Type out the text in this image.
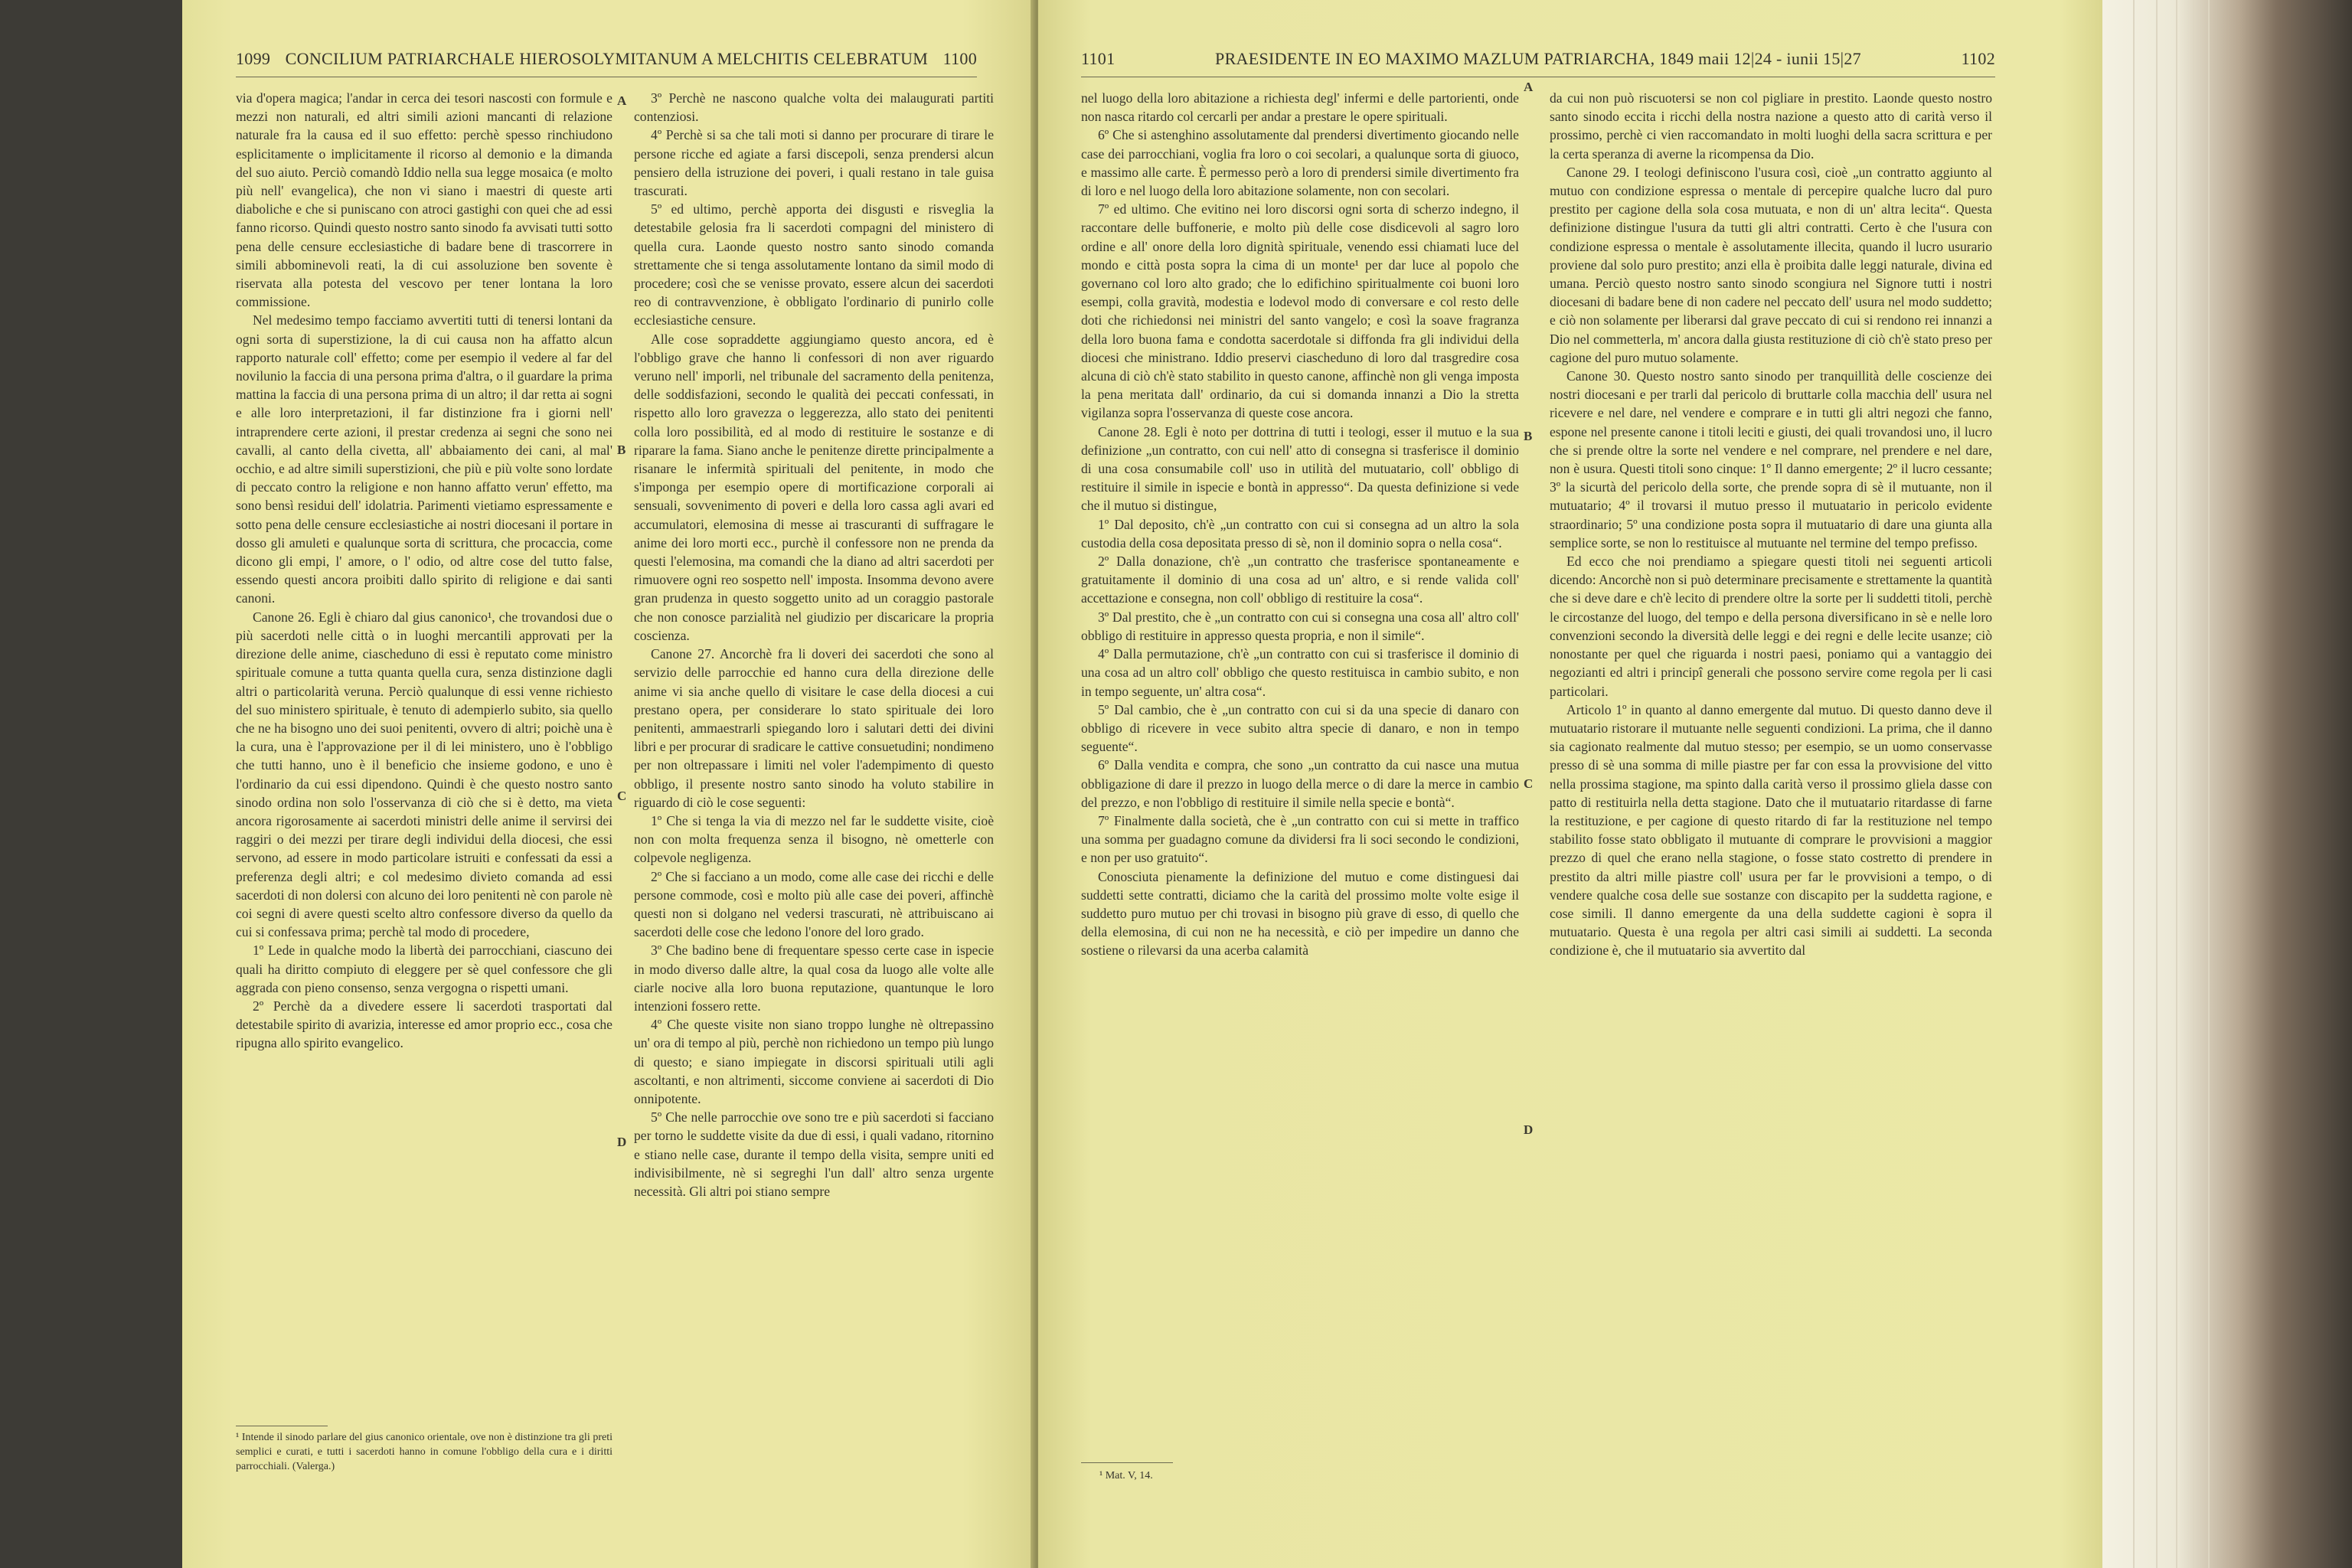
1099 CONCILIUM PATRIARCHALE HIEROSOLYMITANUM A MELCHITIS CELEBRATUM 1100

via d'opera magica; l'andar in cerca dei tesori nascosti con formule e mezzi non naturali, ed altri simili azioni mancanti di relazione naturale fra la causa ed il suo effetto: perchè spesso rinchiudono esplicitamente o implicitamente il ricorso al demonio e la dimanda del suo aiuto. Perciò comandò Iddio nella sua legge mosaica (e molto più nell' evangelica), che non vi siano i maestri di queste arti diaboliche e che si puniscano con atroci gastighi con quei che ad essi fanno ricorso. Quindi questo nostro santo sinodo fa avvisati tutti sotto pena delle censure ecclesiastiche di badare bene di trascorrere in simili abbominevoli reati, la di cui assoluzione ben sovente è riservata alla potesta del vescovo per tener lontana la loro commissione.

Nel medesimo tempo facciamo avvertiti tutti di tenersi lontani da ogni sorta di superstizione, la di cui causa non ha affatto alcun rapporto naturale coll' effetto; come per esempio il vedere al far del novilunio la faccia di una persona prima d'altra, o il guardare la prima mattina la faccia di una persona prima di un altro; il dar retta ai sogni e alle loro interpretazioni, il far distinzione fra i giorni nell' intraprendere certe azioni, il prestar credenza ai segni che sono nei cavalli, al canto della civetta, all' abbaiamento dei cani, al mal' occhio, e ad altre simili superstizioni, che più e più volte sono lordate di peccato contro la religione e non hanno affatto verun' effetto, ma sono bensì residui dell' idolatria. Parimenti vietiamo espressamente e sotto pena delle censure ecclesiastiche ai nostri diocesani il portare in dosso gli amuleti e qualunque sorta di scrittura, che procaccia, come dicono gli empi, l' amore, o l' odio, od altre cose del tutto false, essendo questi ancora proibiti dallo spirito di religione e dai santi canoni.

Canone 26. Egli è chiaro dal gius canonico¹, che trovandosi due o più sacerdoti nelle città o in luoghi mercantili approvati per la direzione delle anime, ciascheduno di essi è reputato come ministro spirituale comune a tutta quanta quella cura, senza distinzione dagli altri o particolarità veruna. Perciò qualunque di essi venne richiesto del suo ministero spirituale, è tenuto di adempierlo subito, sia quello che ne ha bisogno uno dei suoi penitenti, ovvero di altri; poichè una è la cura, una è l'approvazione per il di lei ministero, uno è l'obbligo che tutti hanno, uno è il beneficio che insieme godono, e uno è l'ordinario da cui essi dipendono. Quindi è che questo nostro santo sinodo ordina non solo l'osservanza di ciò che si è detto, ma vieta ancora rigorosamente ai sacerdoti ministri delle anime il servirsi dei raggiri o dei mezzi per tirare degli individui della diocesi, che essi servono, ad essere in modo particolare istruiti e confessati da essi a preferenza degli altri; e col medesimo divieto comanda ad essi sacerdoti di non dolersi con alcuno dei loro penitenti nè con parole nè coi segni di avere questi scelto altro confessore diverso da quello da cui si confessava prima; perchè tal modo di procedere,

1º Lede in qualche modo la libertà dei parrocchiani, ciascuno dei quali ha diritto compiuto di eleggere per sè quel confessore che gli aggrada con pieno consenso, senza vergogna o rispetti umani.

2º Perchè da a divedere essere li sacerdoti trasportati dal detestabile spirito di avarizia, interesse ed amor proprio ecc., cosa che ripugna allo spirito evangelico.

¹ Intende il sinodo parlare del gius canonico orientale, ove non è distinzione tra gli preti semplici e curati, e tutti i sacerdoti hanno in comune l'obbligo della cura e i diritti parrocchiali. (Valerga.)

3º Perchè ne nascono qualche volta dei malaugurati partiti contenziosi.

4º Perchè si sa che tali moti si danno per procurare di tirare le persone ricche ed agiate a farsi discepoli, senza prendersi alcun pensiero della istruzione dei poveri, i quali restano in tale guisa trascurati.

5º ed ultimo, perchè apporta dei disgusti e risveglia la detestabile gelosia fra li sacerdoti compagni del ministero di quella cura. Laonde questo nostro santo sinodo comanda strettamente che si tenga assolutamente lontano da simil modo di procedere; così che se venisse provato, essere alcun dei sacerdoti reo di contravvenzione, è obbligato l'ordinario di punirlo colle ecclesiastiche censure.

Alle cose sopraddette aggiungiamo questo ancora, ed è l'obbligo grave che hanno li confessori di non aver riguardo veruno nell' imporli, nel tribunale del sacramento della penitenza, delle soddisfazioni, secondo le qualità dei peccati confessati, in rispetto allo loro gravezza o leggerezza, allo stato dei penitenti colla loro possibilità, ed al modo di restituire le sostanze e di riparare la fama. Siano anche le penitenze dirette principalmente a risanare le infermità spirituali del penitente, in modo che s'imponga per esempio opere di mortificazione corporali ai sensuali, sovvenimento di poveri e della loro cassa agli avari ed accumulatori, elemosina di messe ai trascuranti di suffragare le anime dei loro morti ecc., purchè il confessore non ne prenda da questi l'elemosina, ma comandi che la diano ad altri sacerdoti per rimuovere ogni reo sospetto nell' imposta. Insomma devono avere gran prudenza in questo soggetto unito ad un coraggio pastorale che non conosce parzialità nel giudizio per discaricare la propria coscienza.

Canone 27. Ancorchè fra li doveri dei sacerdoti che sono al servizio delle parrocchie ed hanno cura della direzione delle anime vi sia anche quello di visitare le case della diocesi a cui prestano opera, per considerare lo stato spirituale dei loro penitenti, ammaestrarli spiegando loro i salutari detti dei divini libri e per procurar di sradicare le cattive consuetudini; nondimeno per non oltrepassare i limiti nel voler l'adempimento di questo obbligo, il presente nostro santo sinodo ha voluto stabilire in riguardo di ciò le cose seguenti:

1º Che si tenga la via di mezzo nel far le suddette visite, cioè non con molta frequenza senza il bisogno, nè ometterle con colpevole negligenza.

2º Che si facciano a un modo, come alle case dei ricchi e delle persone commode, così e molto più alle case dei poveri, affinchè questi non si dolgano nel vedersi trascurati, nè attribuiscano ai sacerdoti delle cose che ledono l'onore del loro grado.

3º Che badino bene di frequentare spesso certe case in ispecie in modo diverso dalle altre, la qual cosa da luogo alle volte alle ciarle nocive alla loro buona reputazione, quantunque le loro intenzioni fossero rette.

4º Che queste visite non siano troppo lunghe nè oltrepassino un' ora di tempo al più, perchè non richiedono un tempo più lungo di questo; e siano impiegate in discorsi spirituali utili agli ascoltanti, e non altrimenti, siccome conviene ai sacerdoti di Dio onnipotente.

5º Che nelle parrocchie ove sono tre e più sacerdoti si facciano per torno le suddette visite da due di essi, i quali vadano, ritornino e stiano nelle case, durante il tempo della visita, sempre uniti ed indivisibilmente, nè si segreghi l'un dall' altro senza urgente necessità. Gli altri poi stiano sempre

A
B
C
D
1101	PRAESIDENTE IN EO MAXIMO MAZLUM PATRIARCHA, 1849 maii 12|24 - iunii 15|27	1102

nel luogo della loro abitazione a richiesta degl' infermi e delle partorienti, onde non nasca ritardo col cercarli per andar a prestare le opere spirituali.

6º Che si astenghino assolutamente dal prendersi divertimento giocando nelle case dei parrocchiani, voglia fra loro o coi secolari, a qualunque sorta di giuoco, e massimo alle carte. È permesso però a loro di prendersi simile divertimento fra di loro e nel luogo della loro abitazione solamente, non con secolari.

7º ed ultimo. Che evitino nei loro discorsi ogni sorta di scherzo indegno, il raccontare delle buffonerie, e molto più delle cose disdicevoli al sagro loro ordine e all' onore della loro dignità spirituale, venendo essi chiamati luce del mondo e città posta sopra la cima di un monte¹ per dar luce al popolo che governano col loro alto grado; che lo edifichino spiritualmente coi buoni loro esempi, colla gravità, modestia e lodevol modo di conversare e col resto delle doti che richiedonsi nei ministri del santo vangelo; e così la soave fragranza della loro buona fama e condotta sacerdotale si diffonda fra gli individui della diocesi che ministrano. Iddio preservi ciascheduno di loro dal trasgredire cosa alcuna di ciò ch'è stato stabilito in questo canone, affinchè non gli venga imposta la pena meritata dall' ordinario, da cui si domanda innanzi a Dio la stretta vigilanza sopra l'osservanza di queste cose ancora.

Canone 28. Egli è noto per dottrina di tutti i teologi, esser il mutuo e la sua definizione „un contratto, con cui nell' atto di consegna si trasferisce il dominio di una cosa consumabile coll' uso in utilità del mutuatario, coll' obbligo di restituire il simile in ispecie e bontà in appresso“. Da questa definizione si vede che il mutuo si distingue,

1º Dal deposito, ch'è „un contratto con cui si consegna ad un altro la sola custodia della cosa depositata presso di sè, non il dominio sopra o nella cosa“.

2º Dalla donazione, ch'è „un contratto che trasferisce spontaneamente e gratuitamente il dominio di una cosa ad un' altro, e si rende valida coll' accettazione e consegna, non coll' obbligo di restituire la cosa“.

3º Dal prestito, che è „un contratto con cui si consegna una cosa all' altro coll' obbligo di restituire in appresso questa propria, e non il simile“.

4º Dalla permutazione, ch'è „un contratto con cui si trasferisce il dominio di una cosa ad un altro coll' obbligo che questo restituisca in cambio subito, e non in tempo seguente, un' altra cosa“.

5º Dal cambio, che è „un contratto con cui si da una specie di danaro con obbligo di ricevere in vece subito altra specie di danaro, e non in tempo seguente“.

6º Dalla vendita e compra, che sono „un contratto da cui nasce una mutua obbligazione di dare il prezzo in luogo della merce o di dare la merce in cambio del prezzo, e non l'obbligo di restituire il simile nella specie e bontà“.

7º Finalmente dalla società, che è „un contratto con cui si mette in traffico una somma per guadagno comune da dividersi fra li soci secondo le condizioni, e non per uso gratuito“.

Conosciuta pienamente la definizione del mutuo e come distinguesi dai suddetti sette contratti, diciamo che la carità del prossimo molte volte esige il suddetto puro mutuo per chi trovasi in bisogno più grave di esso, di quello che della elemosina, di cui non ne ha necessità, e ciò per impedire un danno che sostiene o rilevarsi da una acerba calamità

¹ Mat. V, 14.

da cui non può riscuotersi se non col pigliare in prestito. Laonde questo nostro santo sinodo eccita i ricchi della nostra nazione a questo atto di carità verso il prossimo, perchè ci vien raccomandato in molti luoghi della sacra scrittura e per la certa speranza di averne la ricompensa da Dio.

Canone 29. I teologi definiscono l'usura così, cioè „un contratto aggiunto al mutuo con condizione espressa o mentale di percepire qualche lucro dal puro prestito per cagione della sola cosa mutuata, e non di un' altra lecita“. Questa definizione distingue l'usura da tutti gli altri contratti. Certo è che l'usura con condizione espressa o mentale è assolutamente illecita, quando il lucro usurario proviene dal solo puro prestito; anzi ella è proibita dalle leggi naturale, divina ed umana. Perciò questo nostro santo sinodo scongiura nel Signore tutti i nostri diocesani di badare bene di non cadere nel peccato dell' usura nel modo suddetto; e ciò non solamente per liberarsi dal grave peccato di cui si rendono rei innanzi a Dio nel commetterla, m' ancora dalla giusta restituzione di ciò ch'è stato preso per cagione del puro mutuo solamente.

Canone 30. Questo nostro santo sinodo per tranquillità delle coscienze dei nostri diocesani e per trarli dal pericolo di bruttarle colla macchia dell' usura nel ricevere e nel dare, nel vendere e comprare e in tutti gli altri negozi che fanno, espone nel presente canone i titoli leciti e giusti, dei quali trovandosi uno, il lucro che si prende oltre la sorte nel vendere e nel comprare, nel prendere e nel dare, non è usura. Questi titoli sono cinque: 1º Il danno emergente; 2º il lucro cessante; 3º la sicurtà del pericolo della sorte, che prende sopra di sè il mutuante, non il mutuatario; 4º il trovarsi il mutuo presso il mutuatario in pericolo evidente straordinario; 5º una condizione posta sopra il mutuatario di dare una giunta alla semplice sorte, se non lo restituisce al mutuante nel termine del tempo prefisso.

Ed ecco che noi prendiamo a spiegare questi titoli nei seguenti articoli dicendo: Ancorchè non si può determinare precisamente e strettamente la quantità che si deve dare e ch'è lecito di prendere oltre la sorte per li suddetti titoli, perchè le circostanze del luogo, del tempo e della persona diversificano in sè e nelle loro convenzioni secondo la diversità delle leggi e dei regni e delle lecite usanze; ciò nonostante per quel che riguarda i nostri paesi, poniamo qui a vantaggio dei negozianti ed altri i principî generali che possono servire come regola per li casi particolari.

Articolo 1º in quanto al danno emergente dal mutuo. Di questo danno deve il mutuatario ristorare il mutuante nelle seguenti condizioni. La prima, che il danno sia cagionato realmente dal mutuo stesso; per esempio, se un uomo conservasse presso di sè una somma di mille piastre per far con essa la provvisione del vitto nella prossima stagione, ma spinto dalla carità verso il prossimo gliela dasse con patto di restituirla nella detta stagione. Dato che il mutuatario ritardasse di farne la restituzione, e per cagione di questo ritardo di far la restituzione nel tempo stabilito fosse stato obbligato il mutuante di comprare le provvisioni a maggior prezzo di quel che erano nella stagione, o fosse stato costretto di prendere in prestito da altri mille piastre coll' usura per far le provvisioni a tempo, o di vendere qualche cosa delle sue sostanze con discapito per la suddetta ragione, e cose simili. Il danno emergente da una della suddette cagioni è sopra il mutuatario. Questa è una regola per altri casi simili ai suddetti. La seconda condizione è, che il mutuatario sia avvertito dal

A
B
C
D
